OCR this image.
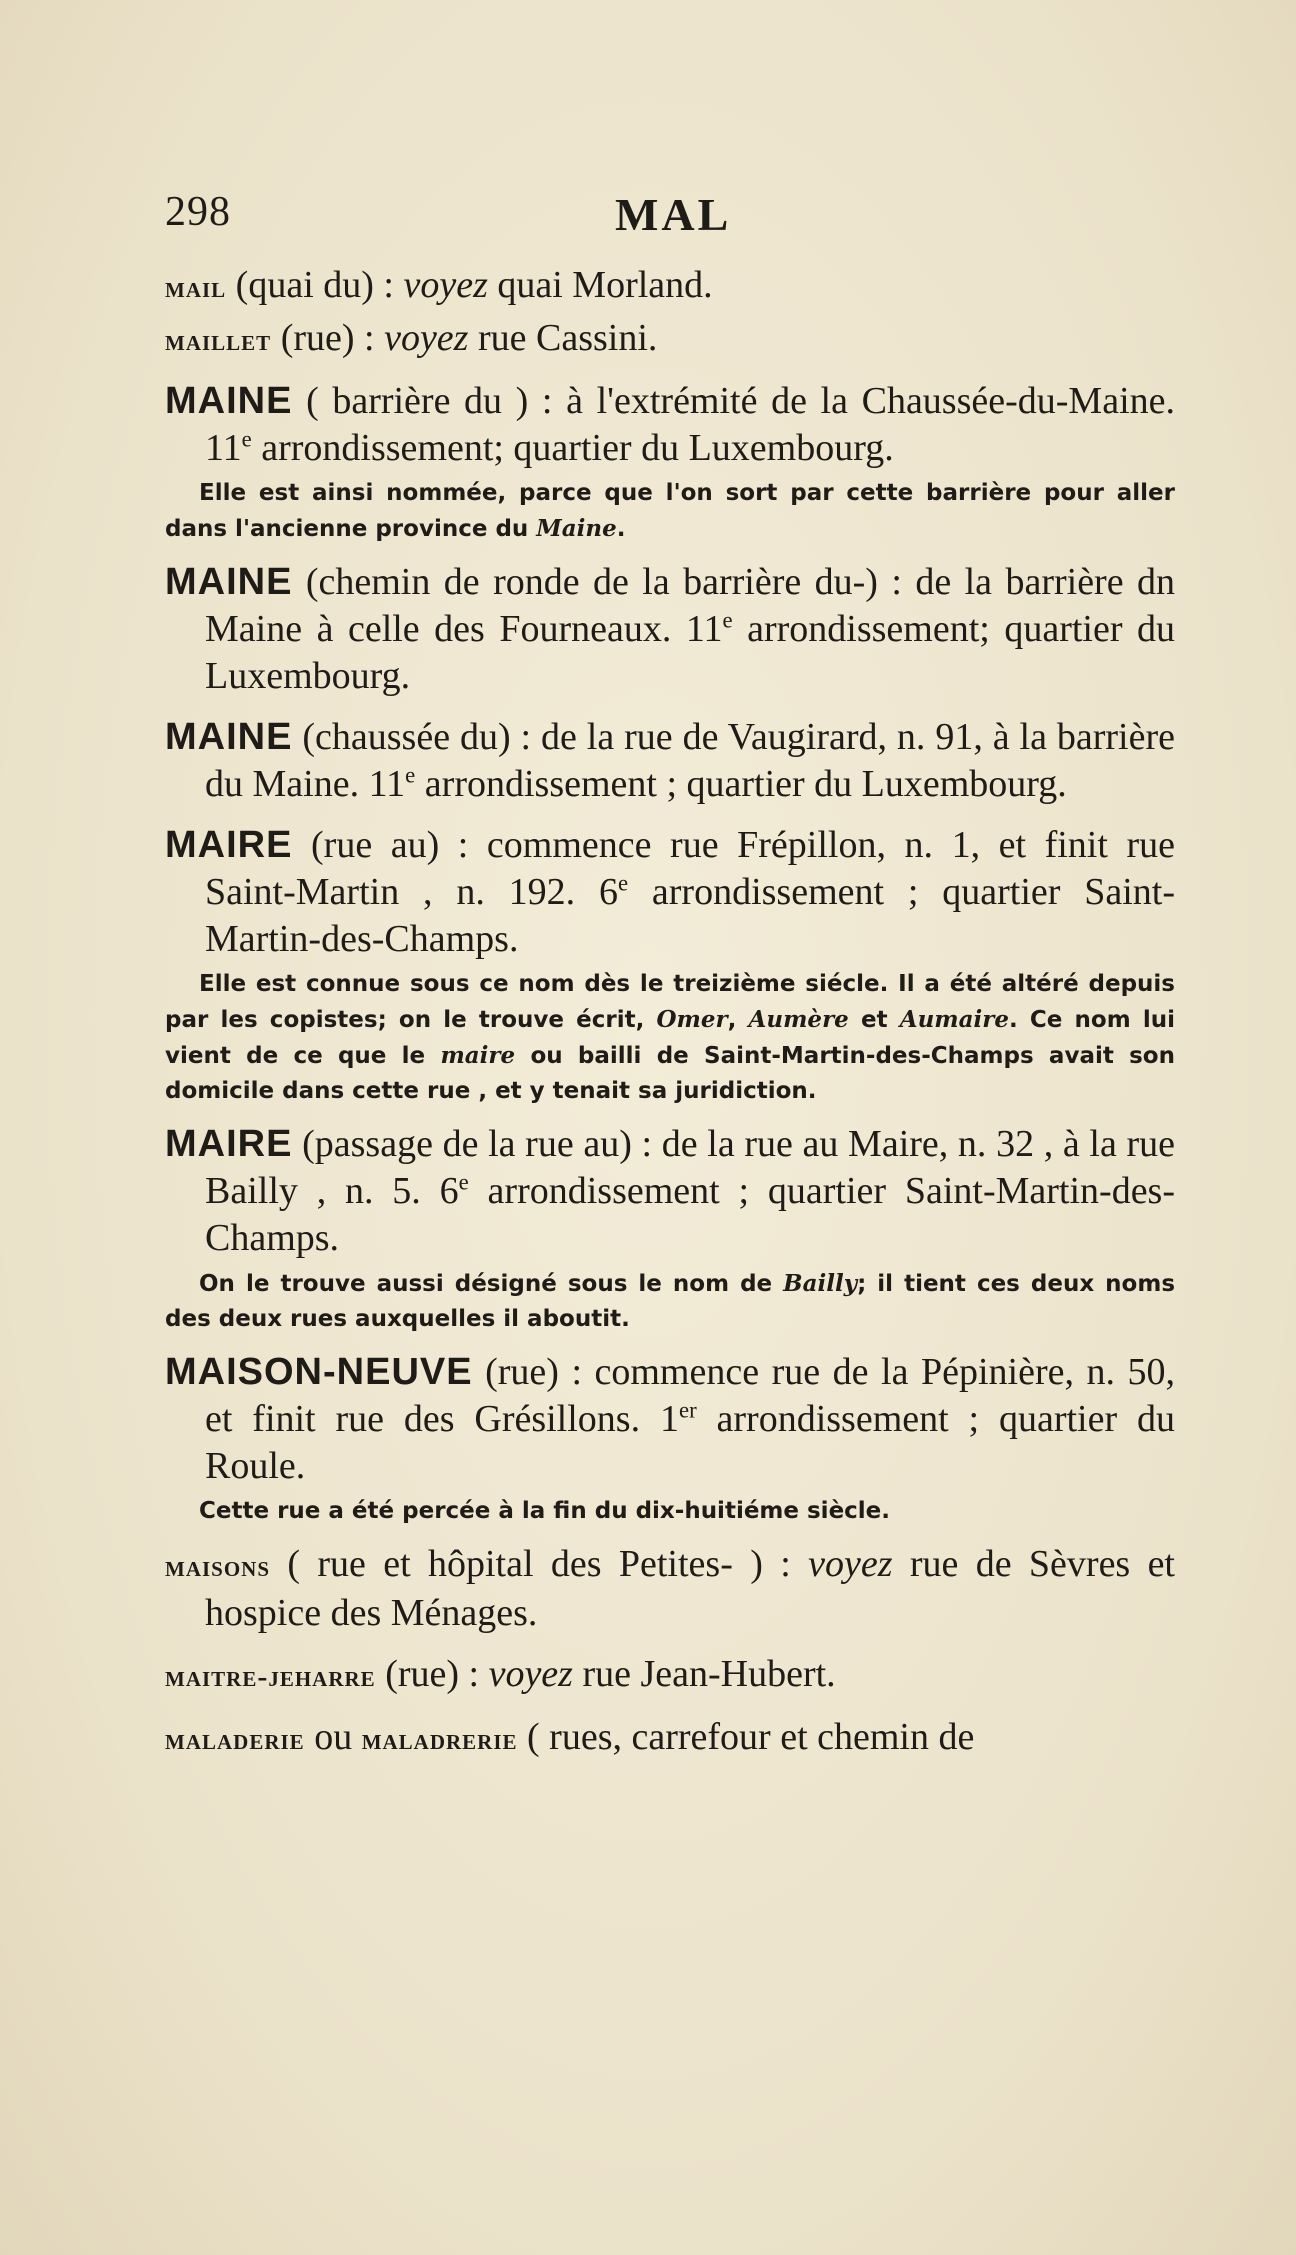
298	MAL

mail (quai du) : voyez quai Morland.

maillet (rue) : voyez rue Cassini.

MAINE ( barrière du ) : à l'extrémité de la Chaussée-du-Maine. 11e arrondissement; quartier du Luxembourg.

Elle est ainsi nommée, parce que l'on sort par cette barrière pour aller dans l'ancienne province du Maine.

MAINE (chemin de ronde de la barrière du-) : de la barrière dn Maine à celle des Fourneaux. 11e arrondissement; quartier du Luxembourg.

MAINE (chaussée du) : de la rue de Vaugirard, n. 91, à la barrière du Maine. 11e arrondissement ; quartier du Luxembourg.

MAIRE (rue au) : commence rue Frépillon, n. 1, et finit rue Saint-Martin , n. 192. 6e arrondissement ; quartier Saint-Martin-des-Champs.

Elle est connue sous ce nom dès le treizième siécle. Il a été altéré depuis par les copistes; on le trouve écrit, Omer, Aumère et Aumaire. Ce nom lui vient de ce que le maire ou bailli de Saint-Martin-des-Champs avait son domicile dans cette rue , et y tenait sa juridiction.

MAIRE (passage de la rue au) : de la rue au Maire, n. 32 , à la rue Bailly , n. 5. 6e arrondissement ; quartier Saint-Martin-des-Champs.

On le trouve aussi désigné sous le nom de Bailly; il tient ces deux noms des deux rues auxquelles il aboutit.

MAISON-NEUVE (rue) : commence rue de la Pépinière, n. 50, et finit rue des Grésillons. 1er arrondissement ; quartier du Roule.

Cette rue a été percée à la fin du dix-huitiéme siècle.

maisons ( rue et hôpital des Petites- ) : voyez rue de Sèvres et hospice des Ménages.

maitre-jeharre (rue) : voyez rue Jean-Hubert.

maladerie ou maladrerie ( rues, carrefour et chemin de
